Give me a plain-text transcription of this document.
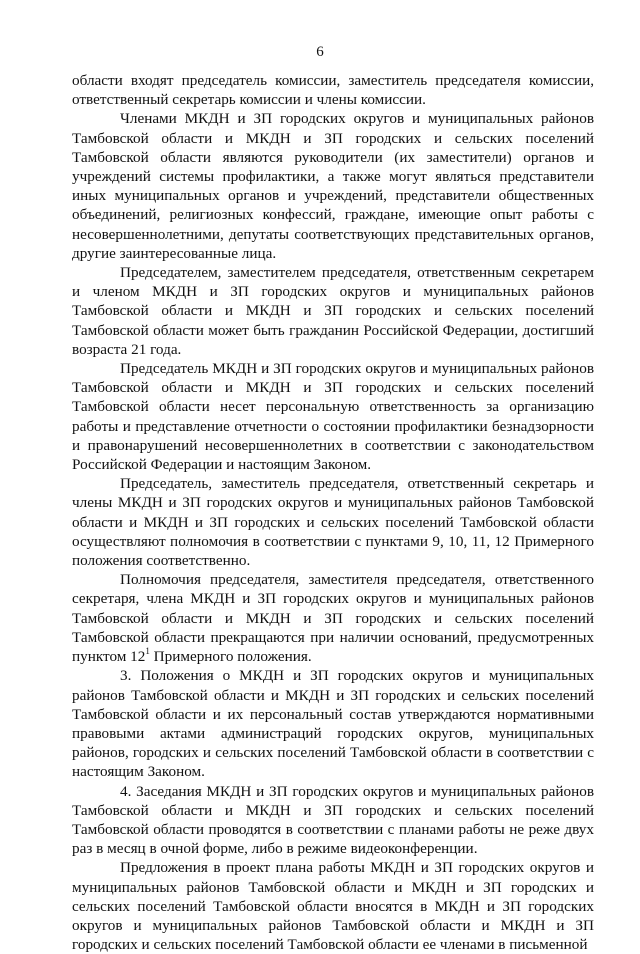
6

области входят председатель комиссии, заместитель председателя комиссии, ответственный секретарь комиссии и члены комиссии.

Членами МКДН и ЗП городских округов и муниципальных районов Тамбовской области и МКДН и ЗП городских и сельских поселений Тамбовской области являются руководители (их заместители) органов и учреждений системы профилактики, а также могут являться представители иных муниципальных органов и учреждений, представители общественных объединений, религиозных конфессий, граждане, имеющие опыт работы с несовершеннолетними, депутаты соответствующих представительных органов, другие заинтересованные лица.

Председателем, заместителем председателя, ответственным секретарем и членом МКДН и ЗП городских округов и муниципальных районов Тамбовской области и МКДН и ЗП городских и сельских поселений Тамбовской области может быть гражданин Российской Федерации, достигший возраста 21 года.

Председатель МКДН и ЗП городских округов и муниципальных районов Тамбовской области и МКДН и ЗП городских и сельских поселений Тамбовской области несет персональную ответственность за организацию работы и представление отчетности о состоянии профилактики безнадзорности и правонарушений несовершеннолетних в соответствии с законодательством Российской Федерации и настоящим Законом.

Председатель, заместитель председателя, ответственный секретарь и члены МКДН и ЗП городских округов и муниципальных районов Тамбовской области и МКДН и ЗП городских и сельских поселений Тамбовской области осуществляют полномочия в соответствии с пунктами 9, 10, 11, 12 Примерного положения соответственно.

Полномочия председателя, заместителя председателя, ответственного секретаря, члена МКДН и ЗП городских округов и муниципальных районов Тамбовской области и МКДН и ЗП городских и сельских поселений Тамбовской области прекращаются при наличии оснований, предусмотренных пунктом $12^1$ Примерного положения.

3. Положения о МКДН и ЗП городских округов и муниципальных районов Тамбовской области и МКДН и ЗП городских и сельских поселений Тамбовской области и их персональный состав утверждаются нормативными правовыми актами администраций городских округов, муниципальных районов, городских и сельских поселений Тамбовской области в соответствии с настоящим Законом.

4. Заседания МКДН и ЗП городских округов и муниципальных районов Тамбовской области и МКДН и ЗП городских и сельских поселений Тамбовской области проводятся в соответствии с планами работы не реже двух раз в месяц в очной форме, либо в режиме видеоконференции.

Предложения в проект плана работы МКДН и ЗП городских округов и муниципальных районов Тамбовской области и МКДН и ЗП городских и сельских поселений Тамбовской области вносятся в МКДН и ЗП городских округов и муниципальных районов Тамбовской области и МКДН и ЗП городских и сельских поселений Тамбовской области ее членами в письменной
